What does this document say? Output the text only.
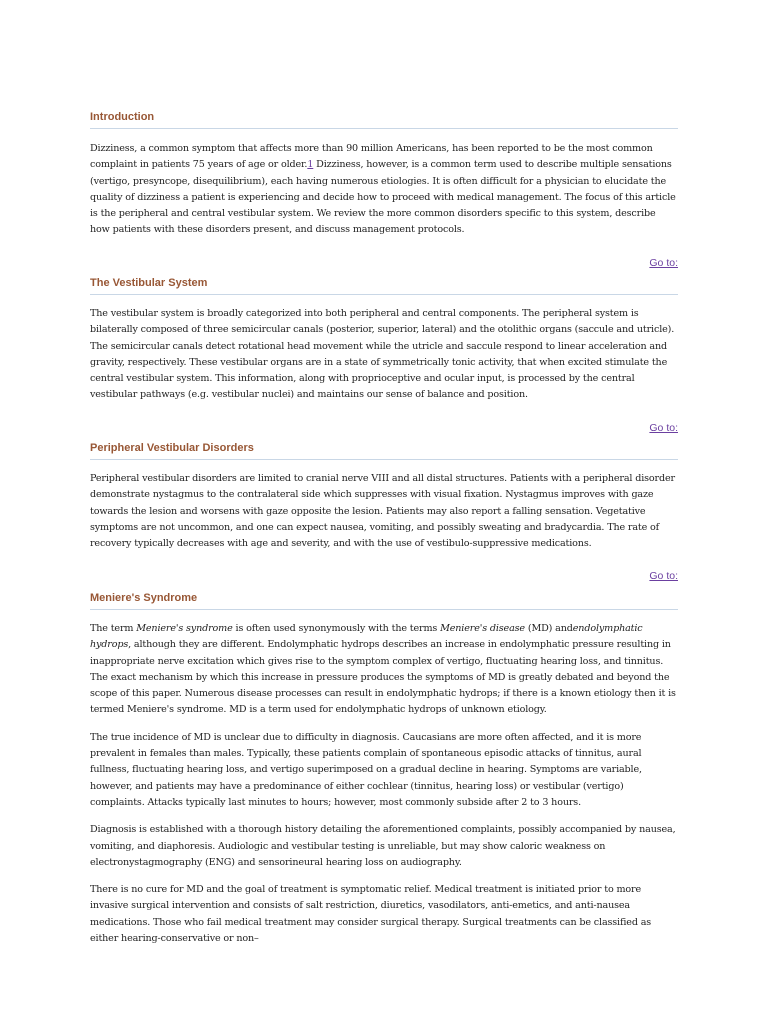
Introduction

Dizziness, a common symptom that affects more than 90 million Americans, has been reported to be the most common complaint in patients 75 years of age or older.1 Dizziness, however, is a common term used to describe multiple sensations (vertigo, presyncope, disequilibrium), each having numerous etiologies. It is often difficult for a physician to elucidate the quality of dizziness a patient is experiencing and decide how to proceed with medical management. The focus of this article is the peripheral and central vestibular system. We review the more common disorders specific to this system, describe how patients with these disorders present, and discuss management protocols.

Go to:
The Vestibular System

The vestibular system is broadly categorized into both peripheral and central components. The peripheral system is bilaterally composed of three semicircular canals (posterior, superior, lateral) and the otolithic organs (saccule and utricle). The semicircular canals detect rotational head movement while the utricle and saccule respond to linear acceleration and gravity, respectively. These vestibular organs are in a state of symmetrically tonic activity, that when excited stimulate the central vestibular system. This information, along with proprioceptive and ocular input, is processed by the central vestibular pathways (e.g. vestibular nuclei) and maintains our sense of balance and position.

Go to:
Peripheral Vestibular Disorders

Peripheral vestibular disorders are limited to cranial nerve VIII and all distal structures. Patients with a peripheral disorder demonstrate nystagmus to the contralateral side which suppresses with visual fixation. Nystagmus improves with gaze towards the lesion and worsens with gaze opposite the lesion. Patients may also report a falling sensation. Vegetative symptoms are not uncommon, and one can expect nausea, vomiting, and possibly sweating and bradycardia. The rate of recovery typically decreases with age and severity, and with the use of vestibulo-suppressive medications.

Go to:
Meniere's Syndrome

The term Meniere's syndrome is often used synonymously with the terms Meniere's disease (MD) andendolymphatic hydrops, although they are different. Endolymphatic hydrops describes an increase in endolymphatic pressure resulting in inappropriate nerve excitation which gives rise to the symptom complex of vertigo, fluctuating hearing loss, and tinnitus. The exact mechanism by which this increase in pressure produces the symptoms of MD is greatly debated and beyond the scope of this paper. Numerous disease processes can result in endolymphatic hydrops; if there is a known etiology then it is termed Meniere's syndrome. MD is a term used for endolymphatic hydrops of unknown etiology.

The true incidence of MD is unclear due to difficulty in diagnosis. Caucasians are more often affected, and it is more prevalent in females than males. Typically, these patients complain of spontaneous episodic attacks of tinnitus, aural fullness, fluctuating hearing loss, and vertigo superimposed on a gradual decline in hearing. Symptoms are variable, however, and patients may have a predominance of either cochlear (tinnitus, hearing loss) or vestibular (vertigo) complaints. Attacks typically last minutes to hours; however, most commonly subside after 2 to 3 hours.

Diagnosis is established with a thorough history detailing the aforementioned complaints, possibly accompanied by nausea, vomiting, and diaphoresis. Audiologic and vestibular testing is unreliable, but may show caloric weakness on electronystagmography (ENG) and sensorineural hearing loss on audiography.

There is no cure for MD and the goal of treatment is symptomatic relief. Medical treatment is initiated prior to more invasive surgical intervention and consists of salt restriction, diuretics, vasodilators, anti-emetics, and anti-nausea medications. Those who fail medical treatment may consider surgical therapy. Surgical treatments can be classified as either hearing-conservative or non–
